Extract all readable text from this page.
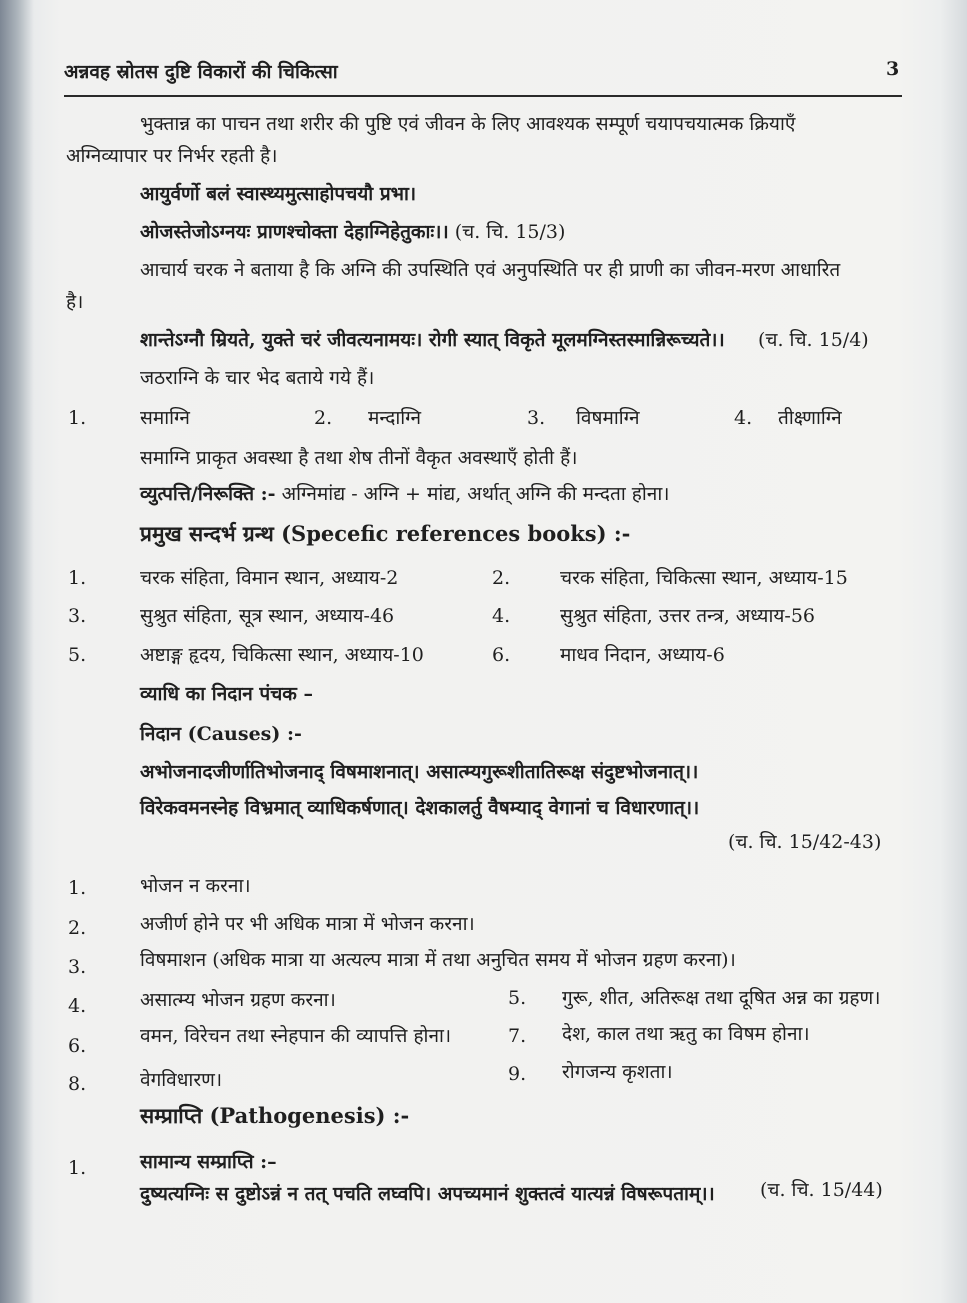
अन्नवह स्रोतस दुष्टि विकारों की चिकित्सा	3
भुक्तान्न का पाचन तथा शरीर की पुष्टि एवं जीवन के लिए आवश्यक सम्पूर्ण चयापचयात्मक क्रियाएँ
अग्निव्यापार पर निर्भर रहती है।
आयुर्वर्णो बलं स्वास्थ्यमुत्साहोपचयौ प्रभा।
ओजस्तेजोऽग्नयः प्राणश्चोक्ता देहाग्निहेतुकाः।। (च. चि. 15/3)
आचार्य चरक ने बताया है कि अग्नि की उपस्थिति एवं अनुपस्थिति पर ही प्राणी का जीवन-मरण आधारित
है।
शान्तेऽग्नौ म्रियते, युक्ते चरं जीवत्यनामयः। रोगी स्यात् विकृते मूलमग्निस्तस्मान्निरूच्यते।। (च. चि. 15/4)
जठराग्नि के चार भेद बताये गये हैं।
1.	समाग्नि	2. मन्दाग्नि	3. विषमाग्नि	4. तीक्ष्णाग्नि
समाग्नि प्राकृत अवस्था है तथा शेष तीनों वैकृत अवस्थाएँ होती हैं।
व्युत्पत्ति/निरूक्ति :- अग्निमांद्य - अग्नि + मांद्य, अर्थात् अग्नि की मन्दता होना।
प्रमुख सन्दर्भ ग्रन्थ (Specefic references books) :-
1.	चरक संहिता, विमान स्थान, अध्याय-2	2.	चरक संहिता, चिकित्सा स्थान, अध्याय-15
3.	सुश्रुत संहिता, सूत्र स्थान, अध्याय-46	4.	सुश्रुत संहिता, उत्तर तन्त्र, अध्याय-56
5.	अष्टाङ्ग हृदय, चिकित्सा स्थान, अध्याय-10	6.	माधव निदान, अध्याय-6
व्याधि का निदान पंचक –
निदान (Causes) :-
अभोजनादजीर्णातिभोजनाद् विषमाशनात्। असात्म्यगुरूशीतातिरूक्ष संदुष्टभोजनात्।।
विरेकवमनस्नेह विभ्रमात् व्याधिकर्षणात्। देशकालर्तु वैषम्याद् वेगानां च विधारणात्।।
(च. चि. 15/42-43)
1.	भोजन न करना।
2.	अजीर्ण होने पर भी अधिक मात्रा में भोजन करना।
3.	विषमाशन (अधिक मात्रा या अत्यल्प मात्रा में तथा अनुचित समय में भोजन ग्रहण करना)।
4.	असात्म्य भोजन ग्रहण करना।	5. गुरू, शीत, अतिरूक्ष तथा दूषित अन्न का ग्रहण।
6.	वमन, विरेचन तथा स्नेहपान की व्यापत्ति होना।	7. देश, काल तथा ऋतु का विषम होना।
8.	वेगविधारण।	9. रोगजन्य कृशता।
सम्प्राप्ति (Pathogenesis) :-
1.	सामान्य सम्प्राप्ति :–
दुष्यत्यग्निः स दुष्टोऽन्नं न तत् पचति लघ्वपि। अपच्यमानं शुक्तत्वं यात्यन्नं विषरूपताम्।। (च. चि. 15/44)
